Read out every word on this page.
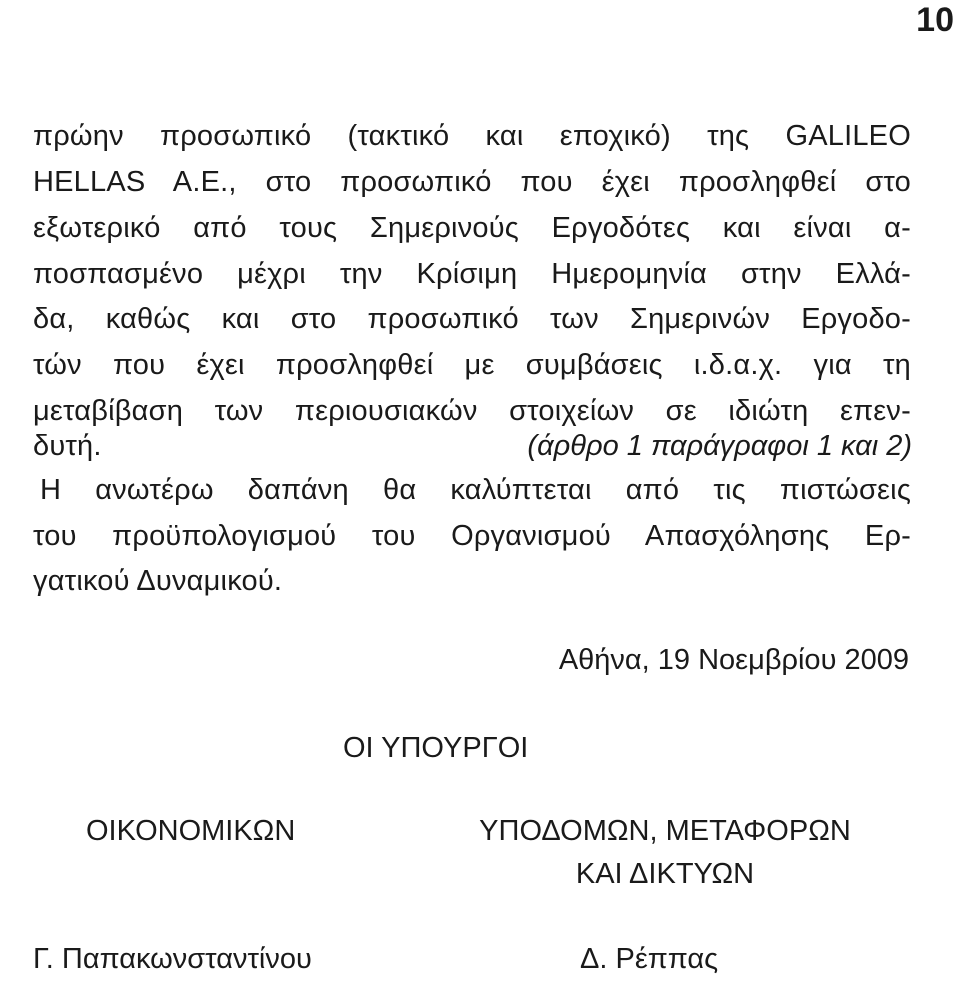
10
πρώην προσωπικό (τακτικό και εποχικό) της GALILEO
HELLAS A.E., στο προσωπικό που έχει προσληφθεί στο
εξωτερικό από τους Σημερινούς Εργοδότες και είναι α-
ποσπασμένο μέχρι την Κρίσιμη Ημερομηνία στην Ελλά-
δα, καθώς και στο προσωπικό των Σημερινών Εργοδο-
τών που έχει προσληφθεί με συμβάσεις ι.δ.α.χ. για τη
μεταβίβαση των περιουσιακών στοιχείων σε ιδιώτη επεν-
δυτή.	(άρθρο 1 παράγραφοι 1 και 2)
Η ανωτέρω δαπάνη θα καλύπτεται από τις πιστώσεις
του προϋπολογισμού του Οργανισμού Απασχόλησης Ερ-
γατικού Δυναμικού.
Αθήνα, 19 Νοεμβρίου 2009
ΟΙ ΥΠΟΥΡΓΟΙ
ΟΙΚΟΝΟΜΙΚΩΝ	ΥΠΟΔΟΜΩΝ, ΜΕΤΑΦΟΡΩΝ
ΚΑΙ ΔΙΚΤΥΩΝ
Γ. Παπακωνσταντίνου	Δ. Ρέππας
